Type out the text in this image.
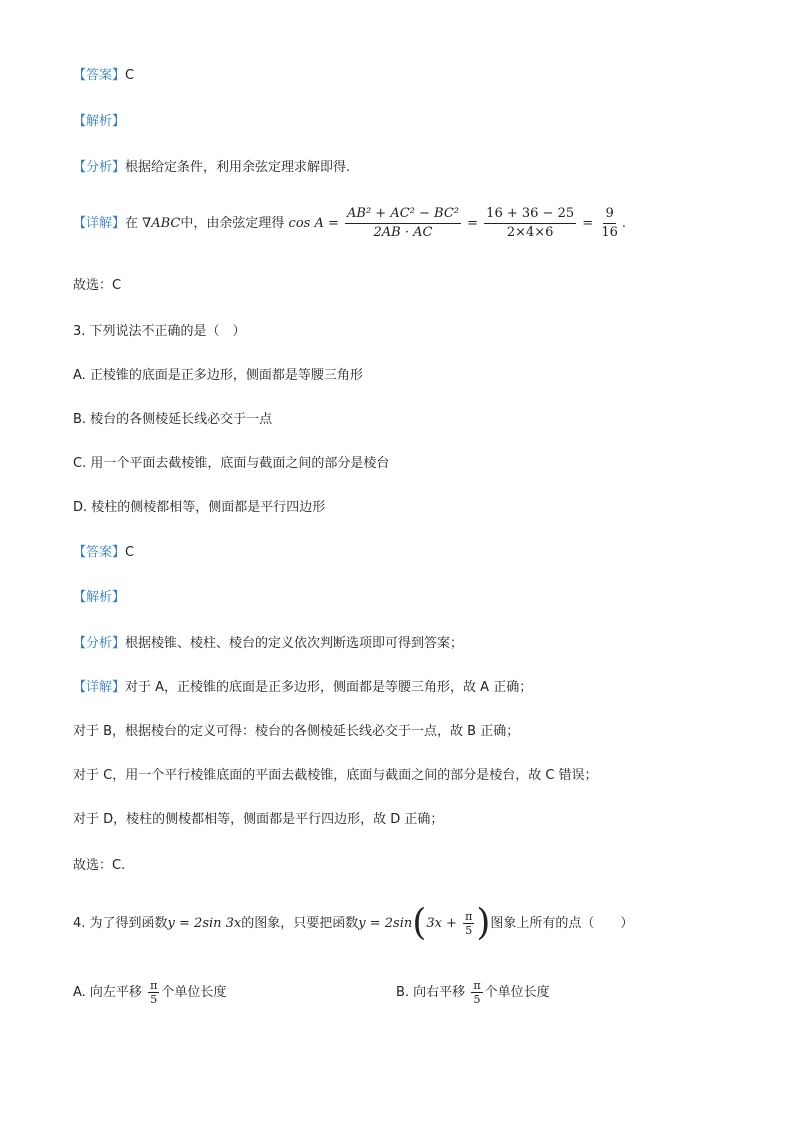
【答案】C
【解析】
【分析】根据给定条件，利用余弦定理求解即得.
【详解】在 ∇ABC中，由余弦定理得 $\cos A = \frac{\text{AB² + AC² − BC²}}{2AB \cdot AC} = \frac{16 + 36 - 25}{2\times 4\times 6} = \frac{9}{16}$ .
故选：C
3. 下列说法不正确的是（　）
A. 正棱锥的底面是正多边形，侧面都是等腰三角形
B. 棱台的各侧棱延长线必交于一点
C. 用一个平面去截棱锥，底面与截面之间的部分是棱台
D. 棱柱的侧棱都相等，侧面都是平行四边形
【答案】C
【解析】
【分析】根据棱锥、棱柱、棱台的定义依次判断选项即可得到答案；
【详解】对于 A，正棱锥的底面是正多边形，侧面都是等腰三角形，故 A 正确；
对于 B，根据棱台的定义可得：棱台的各侧棱延长线必交于一点，故 B 正确；
对于 C，用一个平行棱锥底面的平面去截棱锥，底面与截面之间的部分是棱台，故 C 错误；
对于 D，棱柱的侧棱都相等，侧面都是平行四边形，故 D 正确；
故选：C.
4. 为了得到函数y = 2sin 3x的图象，只要把函数$y = 2\sin(3x + \frac{\pi}{5}$ )图象上所有的点（　　）
A. 向左平移 $\frac{\pi}{5}$ 个单位长度	B. 向右平移 $\frac{\pi}{5}$ 个单位长度
